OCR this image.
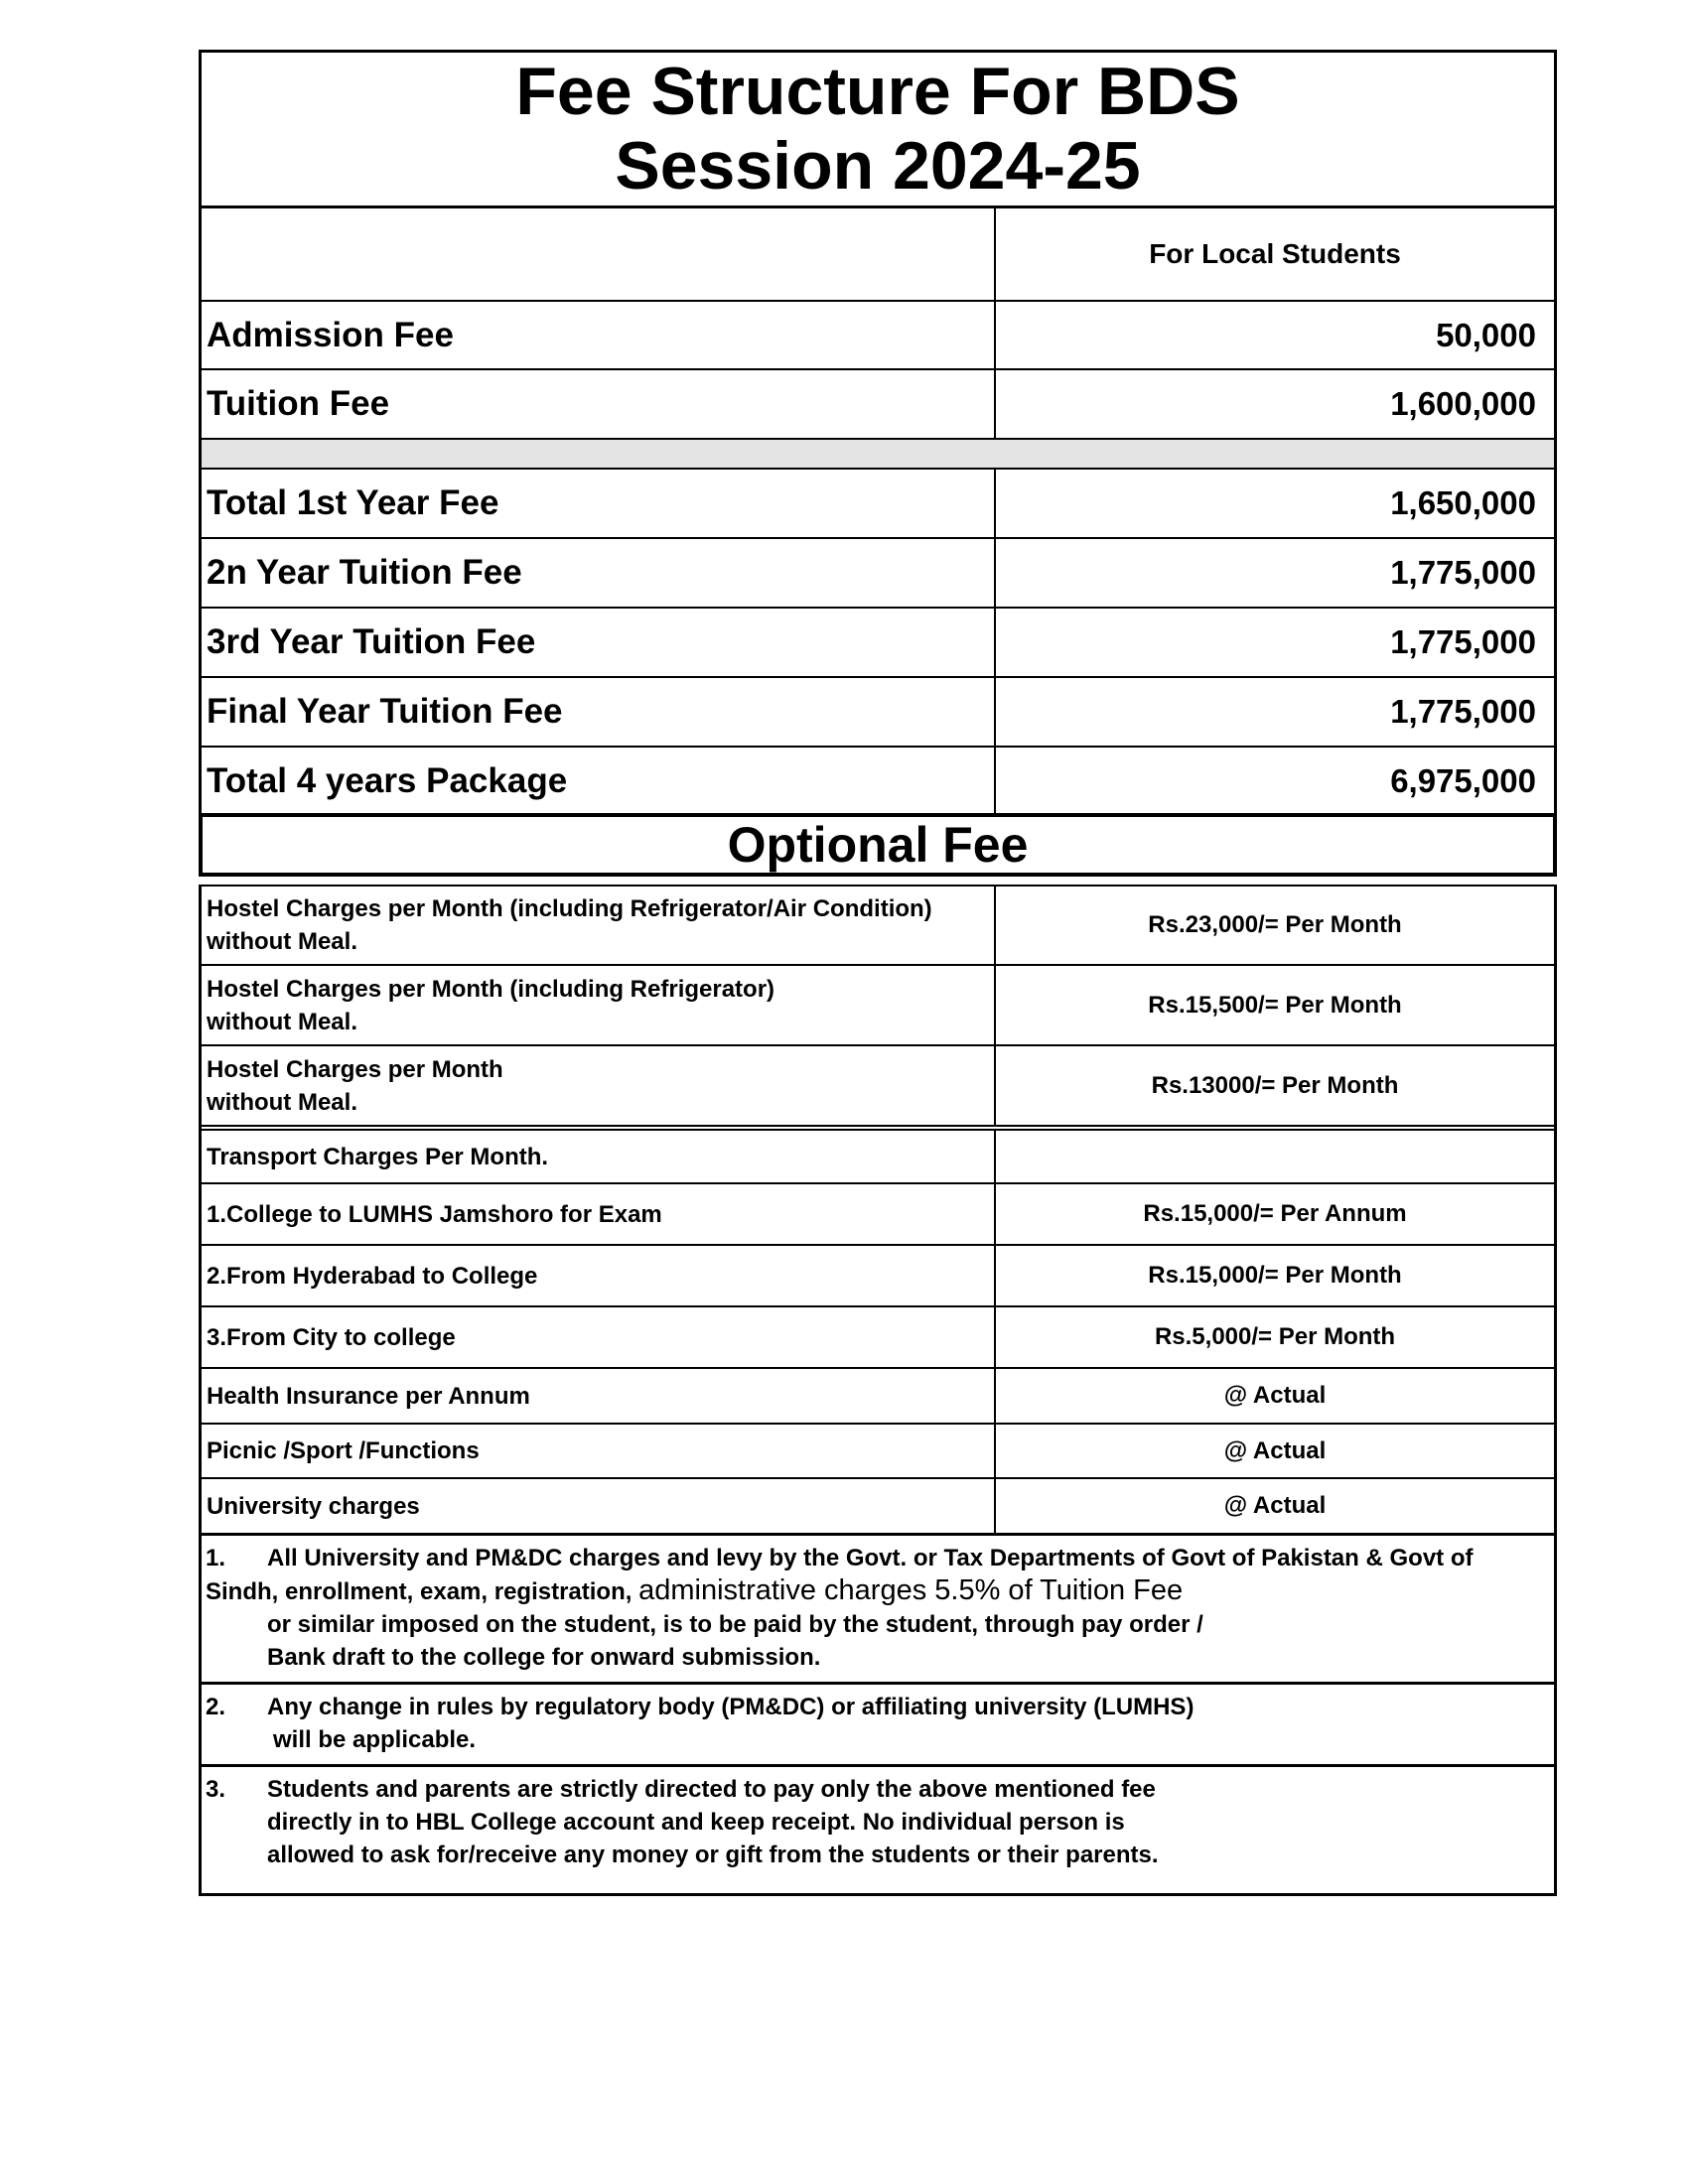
Fee Structure For BDS
Session 2024-25
For Local Students
Admission Fee	50,000
Tuition Fee	1,600,000
Total 1st Year Fee	1,650,000
2n Year Tuition Fee	1,775,000
3rd Year Tuition Fee	1,775,000
Final Year Tuition Fee	1,775,000
Total 4 years Package	6,975,000
Optional Fee
Hostel Charges per Month (including Refrigerator/Air Condition)
without Meal.
Rs.23,000/= Per Month
Hostel Charges per Month (including Refrigerator)
without Meal.
Rs.15,500/= Per Month
Hostel Charges per Month
without Meal.
Rs.13000/= Per Month
Transport Charges Per Month.
1.College to LUMHS Jamshoro for Exam	Rs.15,000/= Per Annum
2.From Hyderabad to College	Rs.15,000/= Per Month
3.From City to college	Rs.5,000/= Per Month
Health Insurance per Annum	@ Actual
Picnic /Sport /Functions	@ Actual
University charges	@ Actual
1. All University and PM&DC charges and levy by the Govt. or Tax Departments of Govt of Pakistan & Govt of
Sindh, enrollment, exam, registration, administrative charges 5.5% of Tuition Fee
or similar imposed on the student, is to be paid by the student, through pay order /
Bank draft to the college for onward submission.
2. Any change in rules by regulatory body (PM&DC) or affiliating university (LUMHS)
will be applicable.
3. Students and parents are strictly directed to pay only the above mentioned fee
directly in to HBL College account and keep receipt. No individual person is
allowed to ask for/receive any money or gift from the students or their parents.
